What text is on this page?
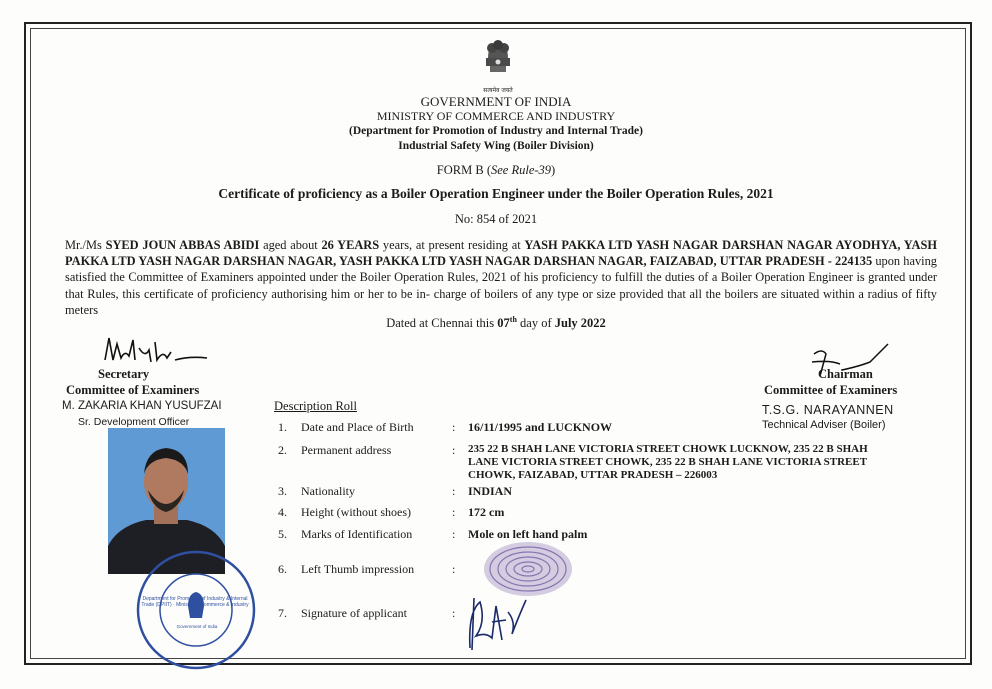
सत्यमेव जयते
GOVERNMENT OF INDIA
MINISTRY OF COMMERCE AND INDUSTRY
(Department for Promotion of Industry and Internal Trade)
Industrial Safety Wing (Boiler Division)
FORM B (See Rule-39)
Certificate of proficiency as a Boiler Operation Engineer under the Boiler Operation Rules, 2021
No: 854 of 2021
Mr./Ms SYED JOUN ABBAS ABIDI aged about 26 YEARS years, at present residing at YASH PAKKA LTD YASH NAGAR DARSHAN NAGAR AYODHYA, YASH PAKKA LTD YASH NAGAR DARSHAN NAGAR, YASH PAKKA LTD YASH NAGAR DARSHAN NAGAR, FAIZABAD, UTTAR PRADESH - 224135 upon having satisfied the Committee of Examiners appointed under the Boiler Operation Rules, 2021 of his proficiency to fulfill the duties of a Boiler Operation Engineer is granted under that Rules, this certificate of proficiency authorising him or her to be in- charge of boilers of any type or size provided that all the boilers are situated within a radius of fifty meters
Dated at Chennai this 07th day of July 2022
Secretary
Committee of Examiners
M. ZAKARIA KHAN YUSUFZAI
Sr. Development Officer
Chairman
Committee of Examiners
T.S.G. NARAYANNEN
Technical Adviser (Boiler)
Department for Promotion of Industry & Internal Trade (DPIIT) · Ministry of Commerce & Industry
Government of India
Description Roll
1.	Date and Place of Birth	: 16/11/1995 and LUCKNOW
2.	Permanent address	: 235 22 B SHAH LANE VICTORIA STREET CHOWK LUCKNOW, 235 22 B SHAH LANE VICTORIA STREET CHOWK, 235 22 B SHAH LANE VICTORIA STREET CHOWK, FAIZABAD, UTTAR PRADESH – 226003
3.	Nationality	: INDIAN
4.	Height (without shoes)	: 172 cm
5.	Marks of Identification	: Mole on left hand palm
6.	Left Thumb impression	:
7.	Signature of applicant	:
